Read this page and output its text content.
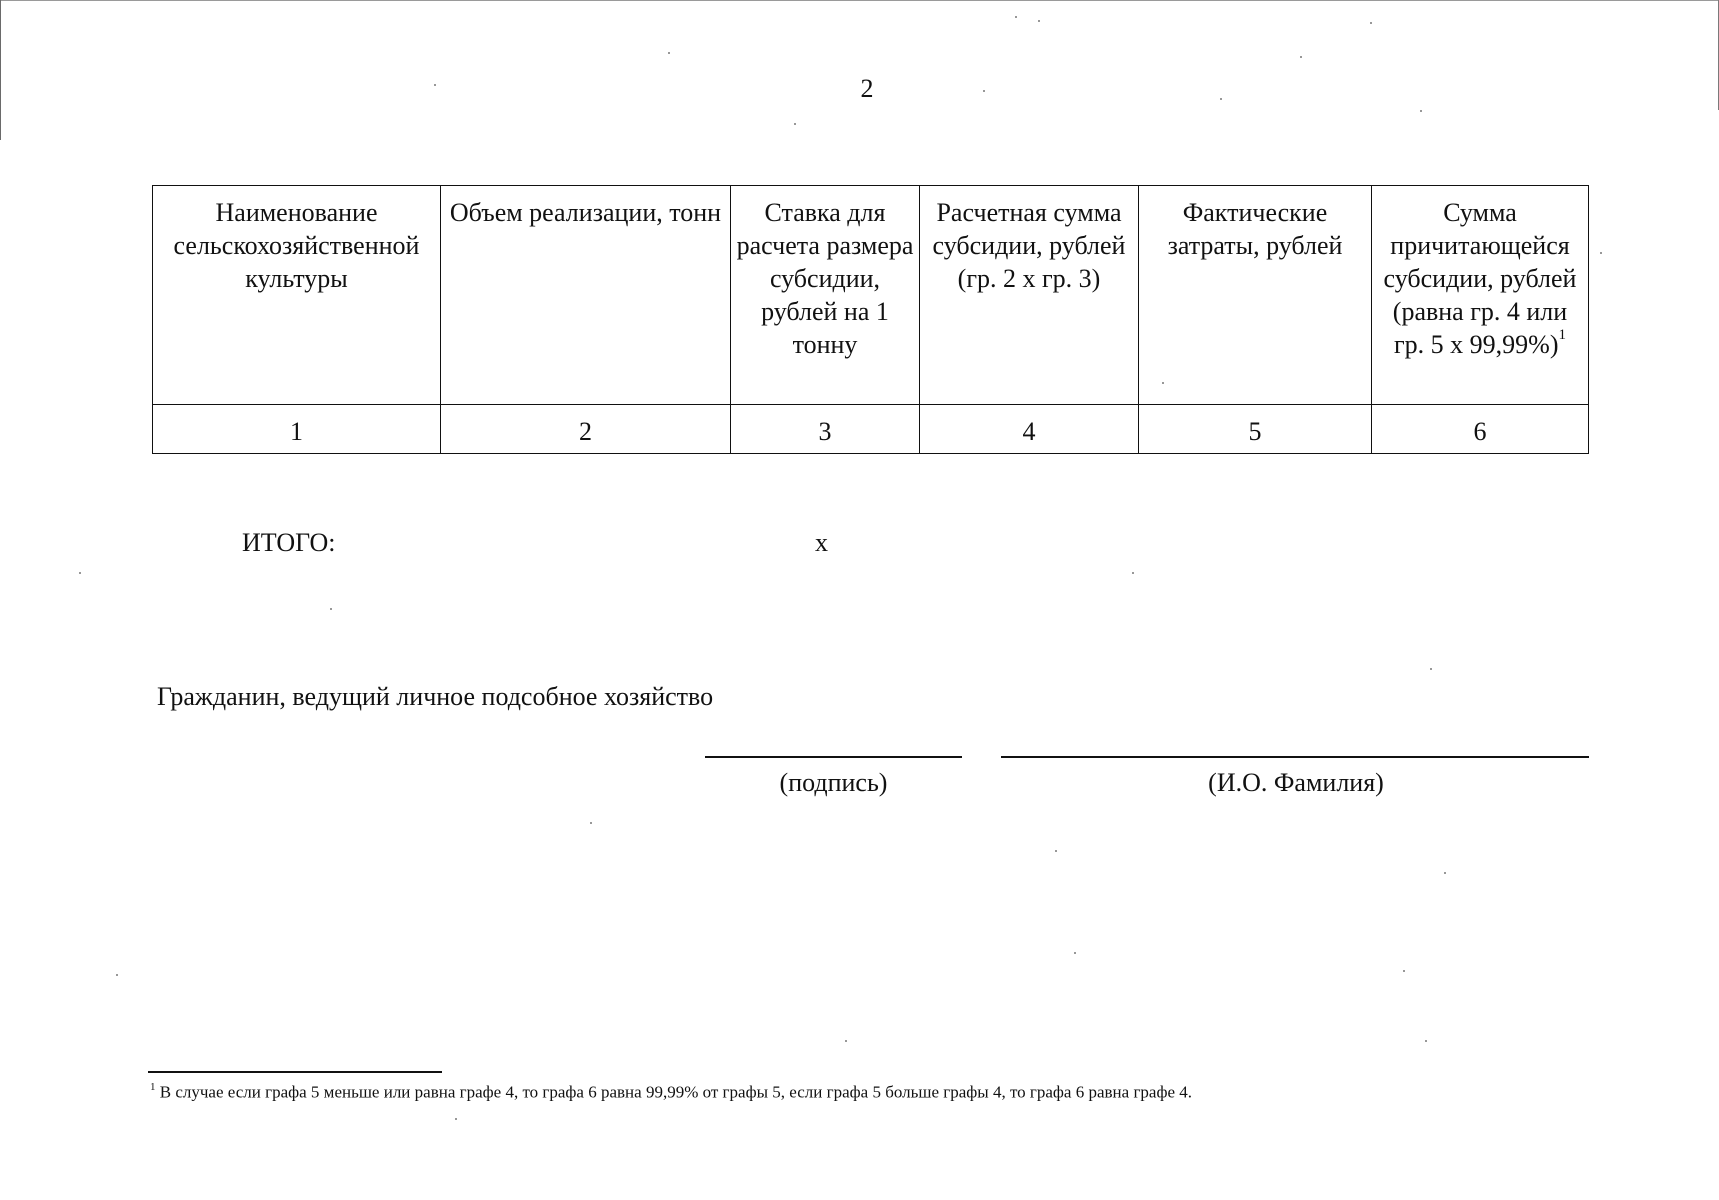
2
Наименование сельскохозяйственной культуры	Объем реализации, тонн	Ставка для расчета размера субсидии, рублей на 1 тонну	Расчетная сумма субсидии, рублей (гр. 2 х гр. 3)	Фактические затраты, рублей	Сумма причитающейся субсидии, рублей (равна гр. 4 или гр. 5 х 99,99%)$^1$
1	2	3	4	5	6
ИТОГО:	х
Гражданин, ведущий личное подсобное хозяйство
(подпись)	(И.О. Фамилия)
$^1$ В случае если графа 5 меньше или равна графе 4, то графа 6 равна 99,99% от графы 5, если графа 5 больше графы 4, то графа 6 равна графе 4.
